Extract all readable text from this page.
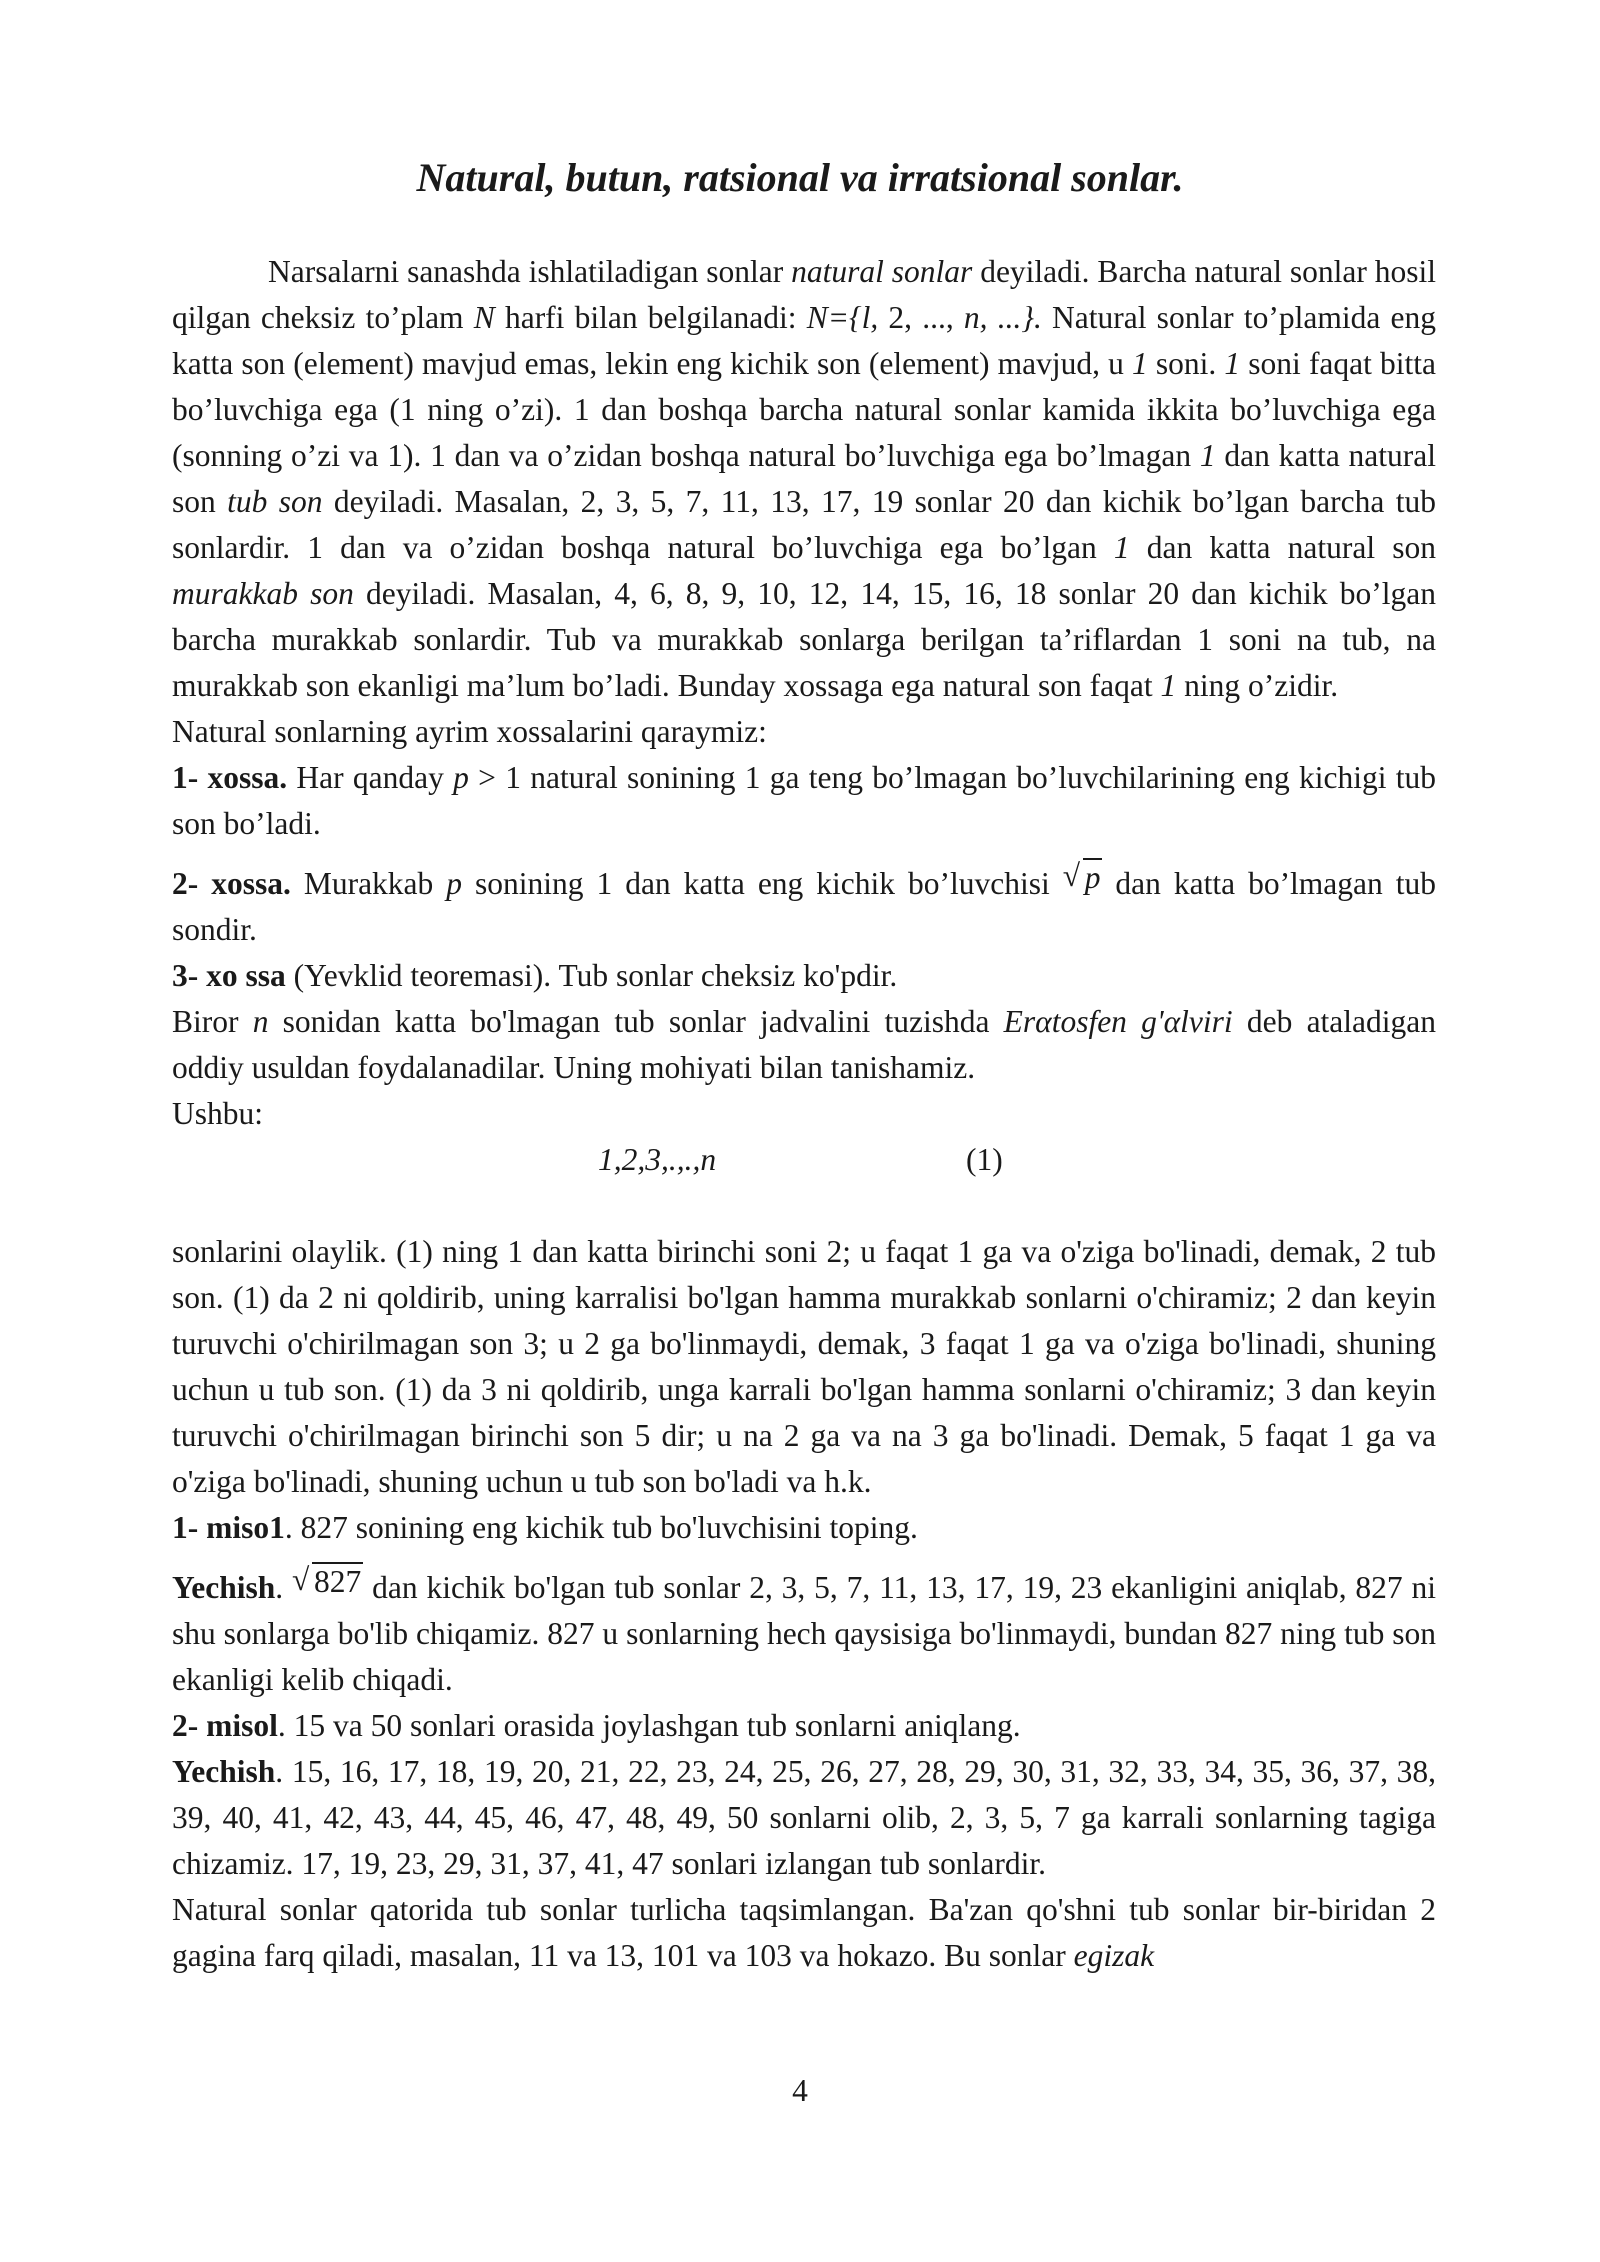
Natural, butun, ratsional va irratsional sonlar.

Narsalarni sanashda ishlatiladigan sonlar natural sonlar deyiladi. Barcha natural sonlar hosil qilgan cheksiz to’plam N harfi bilan belgilanadi: N={l, 2, ..., n, ...}. Natural sonlar to’plamida eng katta son (element) mavjud emas, lekin eng kichik son (element) mavjud, u 1 soni. 1 soni faqat bitta bo’luvchiga ega (1 ning o’zi). 1 dan boshqa barcha natural sonlar kamida ikkita bo’luvchiga ega (sonning o’zi va 1). 1 dan va o’zidan boshqa natural bo’luvchiga ega bo’lmagan 1 dan katta natural son tub son deyiladi. Masalan, 2, 3, 5, 7, 11, 13, 17, 19 sonlar 20 dan kichik bo’lgan barcha tub sonlardir. 1 dan va o’zidan boshqa natural bo’luvchiga ega bo’lgan 1 dan katta natural son murakkab son deyiladi. Masalan, 4, 6, 8, 9, 10, 12, 14, 15, 16, 18 sonlar 20 dan kichik bo’lgan barcha murakkab sonlardir. Tub va murakkab sonlarga berilgan ta’riflardan 1 soni na tub, na murakkab son ekanligi ma’lum bo’ladi. Bunday xossaga ega natural son faqat 1 ning o’zidir.

Natural sonlarning ayrim xossalarini qaraymiz:

1- xossa. Har qanday p > 1 natural sonining 1 ga teng bo’lmagan bo’luvchilarining eng kichigi tub son bo’ladi.

2- xossa. Murakkab p sonining 1 dan katta eng kichik bo’luvchisi √ p dan katta bo’lmagan tub sondir.

3- xo ssa (Yevklid teoremasi). Tub sonlar cheksiz ko'pdir.

Biror n sonidan katta bo'lmagan tub sonlar jadvalini tuzishda Erαtosfen g'αlviri deb ataladigan oddiy usuldan foydalanadilar. Uning mohiyati bilan tanishamiz.

Ushbu:

1,2,3,.,.,n	(1)

sonlarini olaylik. (1) ning 1 dan katta birinchi soni 2; u faqat 1 ga va o'ziga bo'linadi, demak, 2 tub son. (1) da 2 ni qoldirib, uning karralisi bo'lgan hamma murakkab sonlarni o'chiramiz; 2 dan keyin turuvchi o'chirilmagan son 3; u 2 ga bo'linmaydi, demak, 3 faqat 1 ga va o'ziga bo'linadi, shuning uchun u tub son. (1) da 3 ni qoldirib, unga karrali bo'lgan hamma sonlarni o'chiramiz; 3 dan keyin turuvchi o'chirilmagan birinchi son 5 dir; u na 2 ga va na 3 ga bo'linadi. Demak, 5 faqat 1 ga va o'ziga bo'linadi, shuning uchun u tub son bo'ladi va h.k.

1- miso1. 827 sonining eng kichik tub bo'luvchisini toping.

Yechish. √ 827 dan kichik bo'lgan tub sonlar 2, 3, 5, 7, 11, 13, 17, 19, 23 ekanligini aniqlab, 827 ni shu sonlarga bo'lib chiqamiz. 827 u sonlarning hech qaysisiga bo'linmaydi, bundan 827 ning tub son ekanligi kelib chiqadi.

2- misol. 15 va 50 sonlari orasida joylashgan tub sonlarni aniqlang.

Yechish. 15, 16, 17, 18, 19, 20, 21, 22, 23, 24, 25, 26, 27, 28, 29, 30, 31, 32, 33, 34, 35, 36, 37, 38, 39, 40, 41, 42, 43, 44, 45, 46, 47, 48, 49, 50 sonlarni olib, 2, 3, 5, 7 ga karrali sonlarning tagiga chizamiz. 17, 19, 23, 29, 31, 37, 41, 47 sonlari izlangan tub sonlardir.

Natural sonlar qatorida tub sonlar turlicha taqsimlangan. Ba'zan qo'shni tub sonlar bir-biridan 2 gagina farq qiladi, masalan, 11 va 13, 101 va 103 va hokazo. Bu sonlar egizak

4
